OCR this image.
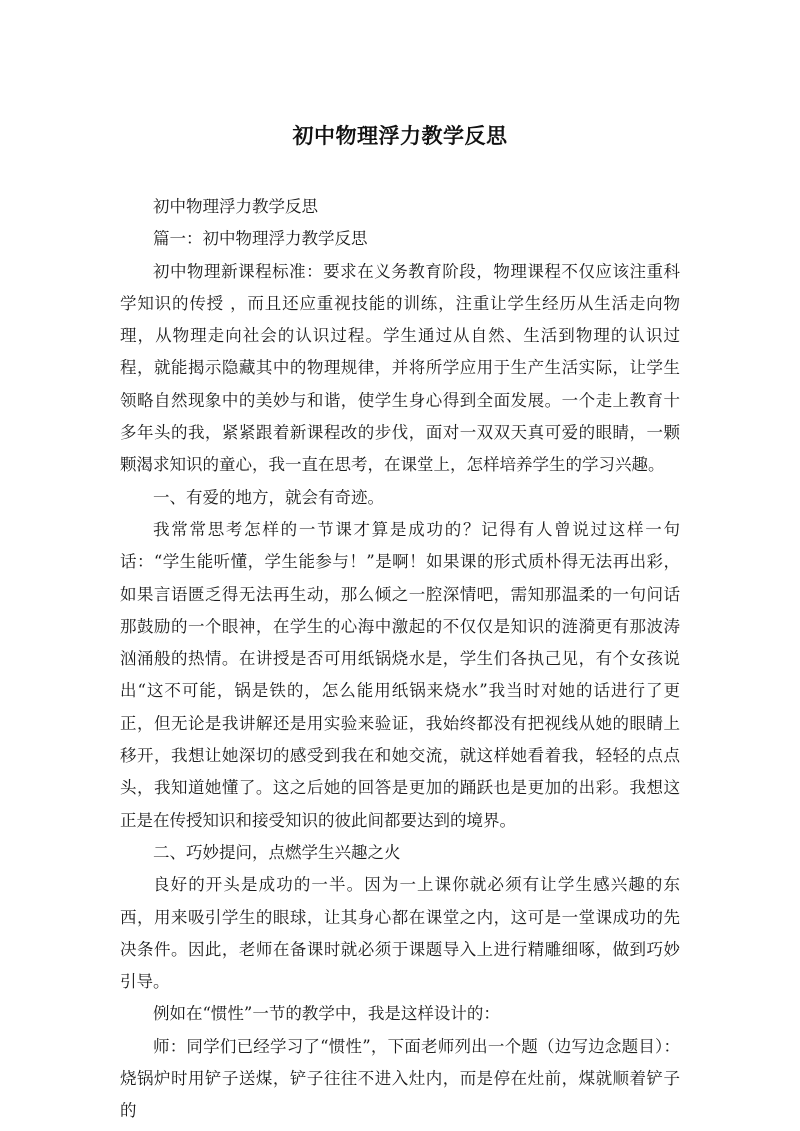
初中物理浮力教学反思

初中物理浮力教学反思

篇一：初中物理浮力教学反思

初中物理新课程标准：要求在义务教育阶段，物理课程不仅应该注重科学知识的传授 ，而且还应重视技能的训练，注重让学生经历从生活走向物理，从物理走向社会的认识过程。学生通过从自然、生活到物理的认识过程，就能揭示隐藏其中的物理规律，并将所学应用于生产生活实际，让学生领略自然现象中的美妙与和谐，使学生身心得到全面发展。一个走上教育十多年头的我，紧紧跟着新课程改的步伐，面对一双双天真可爱的眼睛，一颗颗渴求知识的童心，我一直在思考，在课堂上，怎样培养学生的学习兴趣。

一、有爱的地方，就会有奇迹。

我常常思考怎样的一节课才算是成功的？记得有人曾说过这样一句话：“学生能听懂，学生能参与！”是啊！如果课的形式质朴得无法再出彩，如果言语匮乏得无法再生动，那么倾之一腔深情吧，需知那温柔的一句问话那鼓励的一个眼神，在学生的心海中激起的不仅仅是知识的涟漪更有那波涛汹涌般的热情。在讲授是否可用纸锅烧水是，学生们各执己见，有个女孩说出“这不可能，锅是铁的，怎么能用纸锅来烧水”我当时对她的话进行了更正，但无论是我讲解还是用实验来验证，我始终都没有把视线从她的眼睛上移开，我想让她深切的感受到我在和她交流，就这样她看着我，轻轻的点点头，我知道她懂了。这之后她的回答是更加的踊跃也是更加的出彩。我想这正是在传授知识和接受知识的彼此间都要达到的境界。

二、巧妙提问，点燃学生兴趣之火

良好的开头是成功的一半。因为一上课你就必须有让学生感兴趣的东西，用来吸引学生的眼球，让其身心都在课堂之内，这可是一堂课成功的先决条件。因此，老师在备课时就必须于课题导入上进行精雕细啄，做到巧妙引导。

例如在“惯性”一节的教学中，我是这样设计的：

师：同学们已经学习了“惯性”，下面老师列出一个题（边写边念题目）：烧锅炉时用铲子送煤，铲子往往不进入灶内，而是停在灶前，煤就顺着铲子的
